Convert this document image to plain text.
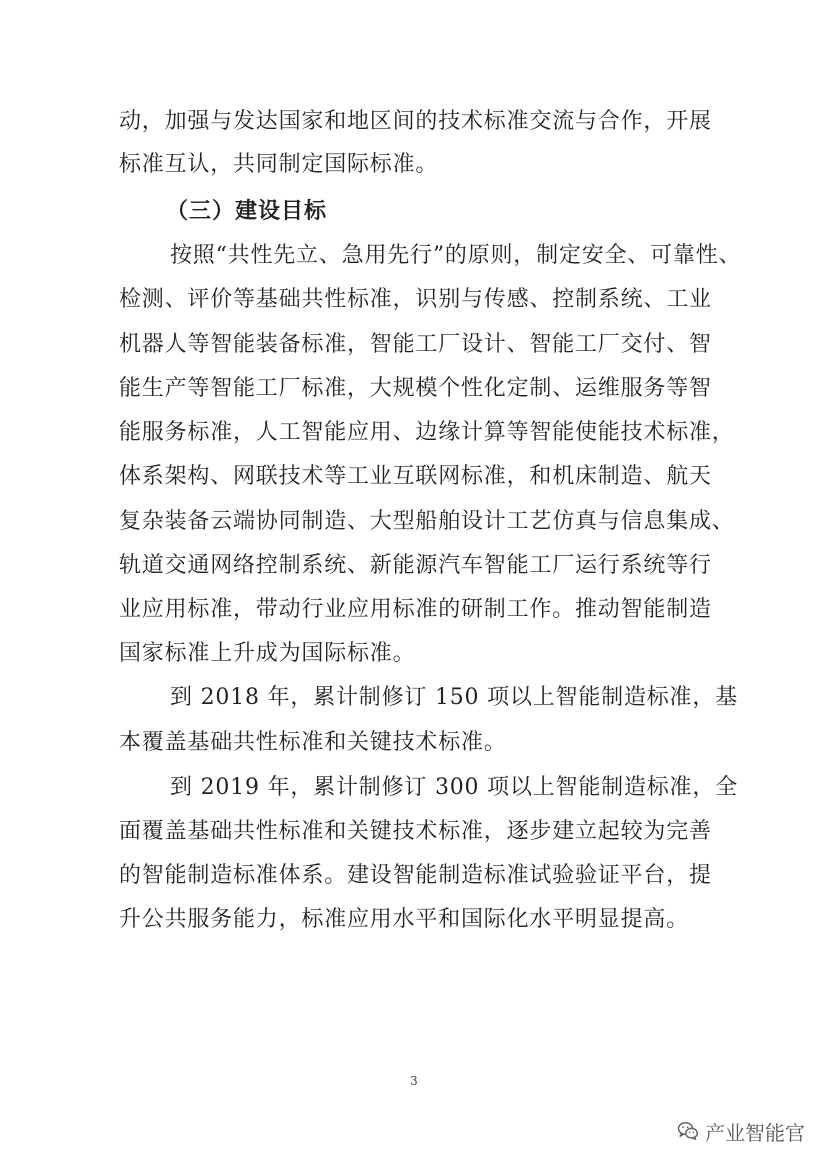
动，加强与发达国家和地区间的技术标准交流与合作，开展
标准互认，共同制定国际标准。
（三）建设目标
按照“共性先立、急用先行”的原则，制定安全、可靠性、
检测、评价等基础共性标准，识别与传感、控制系统、工业
机器人等智能装备标准，智能工厂设计、智能工厂交付、智
能生产等智能工厂标准，大规模个性化定制、运维服务等智
能服务标准，人工智能应用、边缘计算等智能使能技术标准，
体系架构、网联技术等工业互联网标准，和机床制造、航天
复杂装备云端协同制造、大型船舶设计工艺仿真与信息集成、
轨道交通网络控制系统、新能源汽车智能工厂运行系统等行
业应用标准，带动行业应用标准的研制工作。推动智能制造
国家标准上升成为国际标准。
到 2018 年，累计制修订 150 项以上智能制造标准，基
本覆盖基础共性标准和关键技术标准。
到 2019 年，累计制修订 300 项以上智能制造标准，全
面覆盖基础共性标准和关键技术标准，逐步建立起较为完善
的智能制造标准体系。建设智能制造标准试验验证平台，提
升公共服务能力，标准应用水平和国际化水平明显提高。
3
产业智能官
